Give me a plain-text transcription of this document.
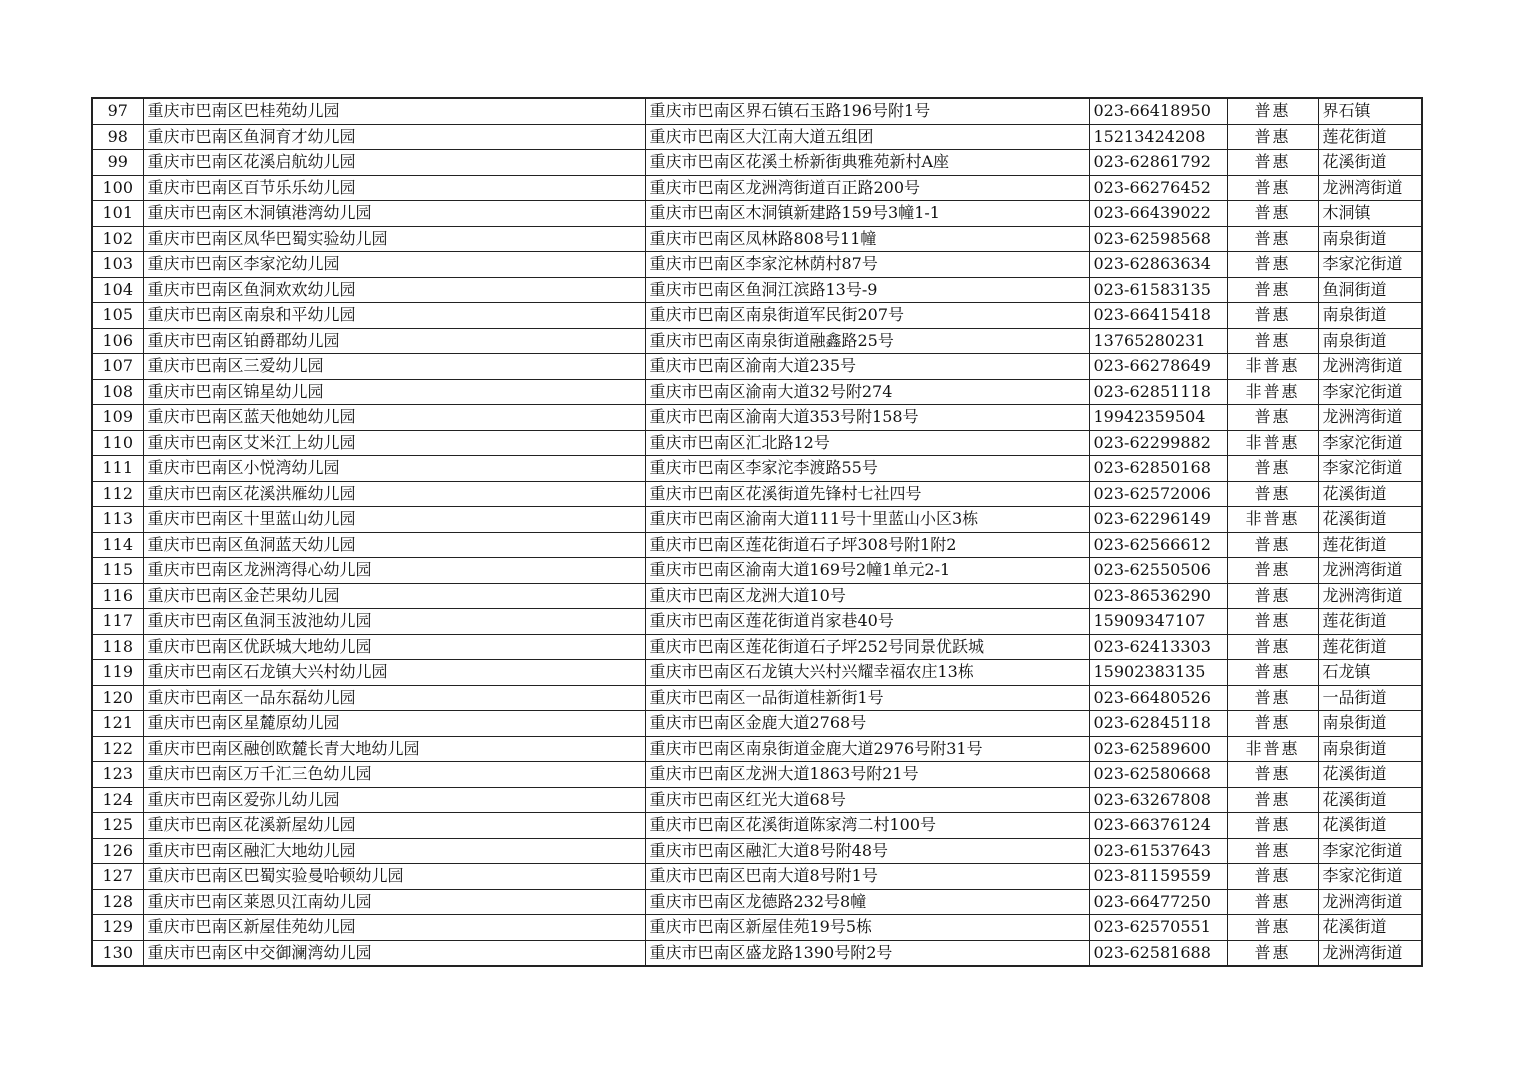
97	重庆市巴南区巴桂苑幼儿园	重庆市巴南区界石镇石玉路196号附1号	023-66418950	普惠	界石镇
98	重庆市巴南区鱼洞育才幼儿园	重庆市巴南区大江南大道五组团	15213424208	普惠	莲花街道
99	重庆市巴南区花溪启航幼儿园	重庆市巴南区花溪土桥新街典雅苑新村A座	023-62861792	普惠	花溪街道
100	重庆市巴南区百节乐乐幼儿园	重庆市巴南区龙洲湾街道百正路200号	023-66276452	普惠	龙洲湾街道
101	重庆市巴南区木洞镇港湾幼儿园	重庆市巴南区木洞镇新建路159号3幢1-1	023-66439022	普惠	木洞镇
102	重庆市巴南区凤华巴蜀实验幼儿园	重庆市巴南区凤林路808号11幢	023-62598568	普惠	南泉街道
103	重庆市巴南区李家沱幼儿园	重庆市巴南区李家沱林荫村87号	023-62863634	普惠	李家沱街道
104	重庆市巴南区鱼洞欢欢幼儿园	重庆市巴南区鱼洞江滨路13号-9	023-61583135	普惠	鱼洞街道
105	重庆市巴南区南泉和平幼儿园	重庆市巴南区南泉街道军民街207号	023-66415418	普惠	南泉街道
106	重庆市巴南区铂爵郡幼儿园	重庆市巴南区南泉街道融鑫路25号	13765280231	普惠	南泉街道
107	重庆市巴南区三爱幼儿园	重庆市巴南区渝南大道235号	023-66278649	非普惠	龙洲湾街道
108	重庆市巴南区锦星幼儿园	重庆市巴南区渝南大道32号附274	023-62851118	非普惠	李家沱街道
109	重庆市巴南区蓝天他她幼儿园	重庆市巴南区渝南大道353号附158号	19942359504	普惠	龙洲湾街道
110	重庆市巴南区艾米江上幼儿园	重庆市巴南区汇北路12号	023-62299882	非普惠	李家沱街道
111	重庆市巴南区小悦湾幼儿园	重庆市巴南区李家沱李渡路55号	023-62850168	普惠	李家沱街道
112	重庆市巴南区花溪洪雁幼儿园	重庆市巴南区花溪街道先锋村七社四号	023-62572006	普惠	花溪街道
113	重庆市巴南区十里蓝山幼儿园	重庆市巴南区渝南大道111号十里蓝山小区3栋	023-62296149	非普惠	花溪街道
114	重庆市巴南区鱼洞蓝天幼儿园	重庆市巴南区莲花街道石子坪308号附1附2	023-62566612	普惠	莲花街道
115	重庆市巴南区龙洲湾得心幼儿园	重庆市巴南区渝南大道169号2幢1单元2-1	023-62550506	普惠	龙洲湾街道
116	重庆市巴南区金芒果幼儿园	重庆市巴南区龙洲大道10号	023-86536290	普惠	龙洲湾街道
117	重庆市巴南区鱼洞玉波池幼儿园	重庆市巴南区莲花街道肖家巷40号	15909347107	普惠	莲花街道
118	重庆市巴南区优跃城大地幼儿园	重庆市巴南区莲花街道石子坪252号同景优跃城	023-62413303	普惠	莲花街道
119	重庆市巴南区石龙镇大兴村幼儿园	重庆市巴南区石龙镇大兴村兴耀幸福农庄13栋	15902383135	普惠	石龙镇
120	重庆市巴南区一品东磊幼儿园	重庆市巴南区一品街道桂新街1号	023-66480526	普惠	一品街道
121	重庆市巴南区星麓原幼儿园	重庆市巴南区金鹿大道2768号	023-62845118	普惠	南泉街道
122	重庆市巴南区融创欧麓长青大地幼儿园	重庆市巴南区南泉街道金鹿大道2976号附31号	023-62589600	非普惠	南泉街道
123	重庆市巴南区万千汇三色幼儿园	重庆市巴南区龙洲大道1863号附21号	023-62580668	普惠	花溪街道
124	重庆市巴南区爱弥儿幼儿园	重庆市巴南区红光大道68号	023-63267808	普惠	花溪街道
125	重庆市巴南区花溪新屋幼儿园	重庆市巴南区花溪街道陈家湾二村100号	023-66376124	普惠	花溪街道
126	重庆市巴南区融汇大地幼儿园	重庆市巴南区融汇大道8号附48号	023-61537643	普惠	李家沱街道
127	重庆市巴南区巴蜀实验曼哈顿幼儿园	重庆市巴南区巴南大道8号附1号	023-81159559	普惠	李家沱街道
128	重庆市巴南区莱恩贝江南幼儿园	重庆市巴南区龙德路232号8幢	023-66477250	普惠	龙洲湾街道
129	重庆市巴南区新屋佳苑幼儿园	重庆市巴南区新屋佳苑19号5栋	023-62570551	普惠	花溪街道
130	重庆市巴南区中交御澜湾幼儿园	重庆市巴南区盛龙路1390号附2号	023-62581688	普惠	龙洲湾街道
